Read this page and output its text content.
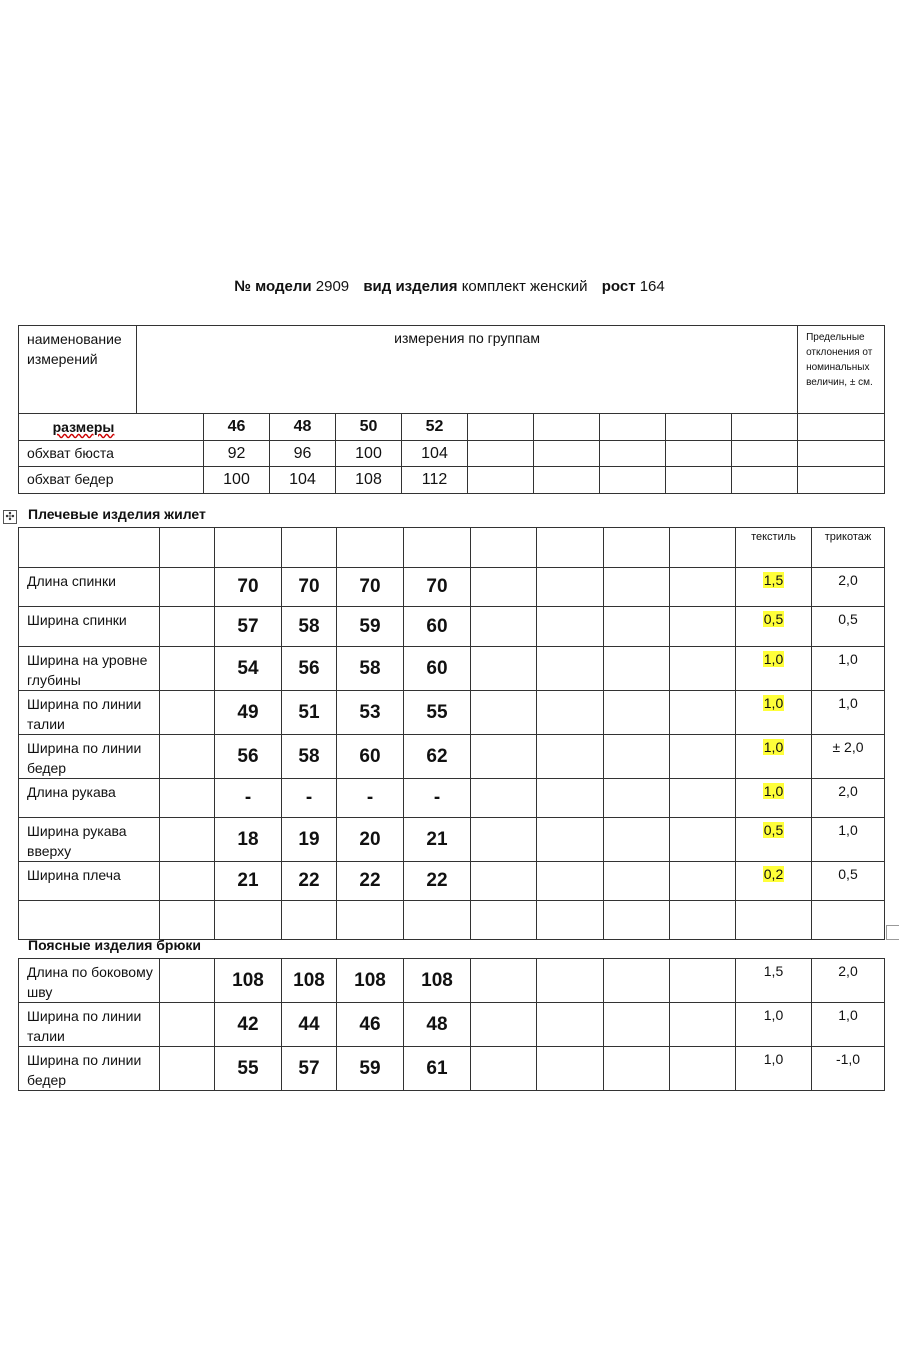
№ модели 2909 вид изделия комплект женский рост 164
наименование измерений	измерения по группам										Предельные отклонения от номинальных величин, ± см.
размеры		46	48	50	52						
обхват бюста		92	96	100	104						
обхват бедер		100	104	108	112						
✣ Плечевые изделия жилет
										текстиль	трикотаж
Длина спинки		70	70	70	70					1,5	2,0
Ширина спинки		57	58	59	60					0,5	0,5
Ширина на уровне глубины		54	56	58	60					1,0	1,0
Ширина по линии талии		49	51	53	55					1,0	1,0
Ширина по линии бедер		56	58	60	62					1,0	± 2,0
Длина рукава		-	-	-	-					1,0	2,0
Ширина рукава вверху		18	19	20	21					0,5	1,0
Ширина плеча		21	22	22	22					0,2	0,5

Поясные изделия брюки
Длина по боковому шву		108	108	108	108					1,5	2,0
Ширина по линии талии		42	44	46	48					1,0	1,0
Ширина по линии бедер		55	57	59	61					1,0	-1,0
